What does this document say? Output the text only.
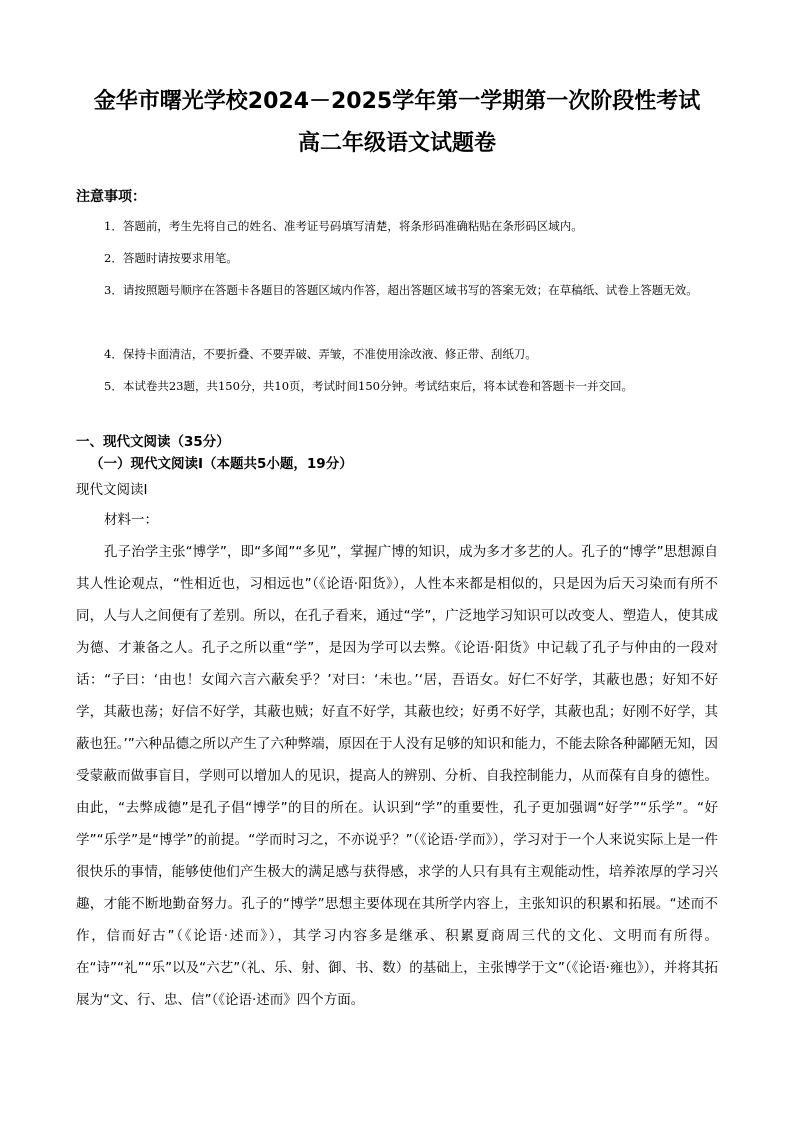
金华市曙光学校2024－2025学年第一学期第一次阶段性考试
高二年级语文试题卷
注意事项：

1．答题前，考生先将自己的姓名、准考证号码填写清楚，将条形码准确粘贴在条形码区域内。

2．答题时请按要求用笔。

3．请按照题号顺序在答题卡各题目的答题区域内作答，超出答题区域书写的答案无效；在草稿纸、试卷上答题无效。

4．保持卡面清洁，不要折叠、不要弄破、弄皱，不准使用涂改液、修正带、刮纸刀。

5．本试卷共23题，共150分，共10页，考试时间150分钟。考试结束后，将本试卷和答题卡一并交回。

一、现代文阅读（35分）
（一）现代文阅读Ⅰ（本题共5小题，19分）
现代文阅读Ⅰ
材料一：

孔子治学主张“博学”，即“多闻”“多见”，掌握广博的知识，成为多才多艺的人。孔子的“博学”思想源自其人性论观点，“性相近也，习相远也”（《论语·阳货》），人性本来都是相似的，只是因为后天习染而有所不同，人与人之间便有了差别。所以，在孔子看来，通过“学”，广泛地学习知识可以改变人、塑造人，使其成为德、才兼备之人。孔子之所以重“学”，是因为学可以去弊。《论语·阳货》中记载了孔子与仲由的一段对话：“子曰：‘由也！女闻六言六蔽矣乎？’对曰：‘未也。’‘居，吾语女。好仁不好学，其蔽也愚；好知不好学，其蔽也荡；好信不好学，其蔽也贼；好直不好学，其蔽也绞；好勇不好学，其蔽也乱；好刚不好学，其蔽也狂。’”六种品德之所以产生了六种弊端，原因在于人没有足够的知识和能力，不能去除各种鄙陋无知，因受蒙蔽而做事盲目，学则可以增加人的见识，提高人的辨别、分析、自我控制能力，从而葆有自身的德性。由此，“去弊成德”是孔子倡“博学”的目的所在。认识到“学”的重要性，孔子更加强调“好学”“乐学”。“好学”“乐学”是“博学”的前提。“学而时习之，不亦说乎？”（《论语·学而》），学习对于一个人来说实际上是一件很快乐的事情，能够使他们产生极大的满足感与获得感，求学的人只有具有主观能动性，培养浓厚的学习兴趣，才能不断地勤奋努力。孔子的“博学”思想主要体现在其所学内容上，主张知识的积累和拓展。“述而不作，信而好古”（《论语·述而》），其学习内容多是继承、积累夏商周三代的文化、文明而有所得。在“诗”“礼”“乐”以及“六艺”（礼、乐、射、御、书、数）的基础上，主张博学于文”（《论语·雍也》），并将其拓展为“文、行、忠、信”（《论语·述而》四个方面。
